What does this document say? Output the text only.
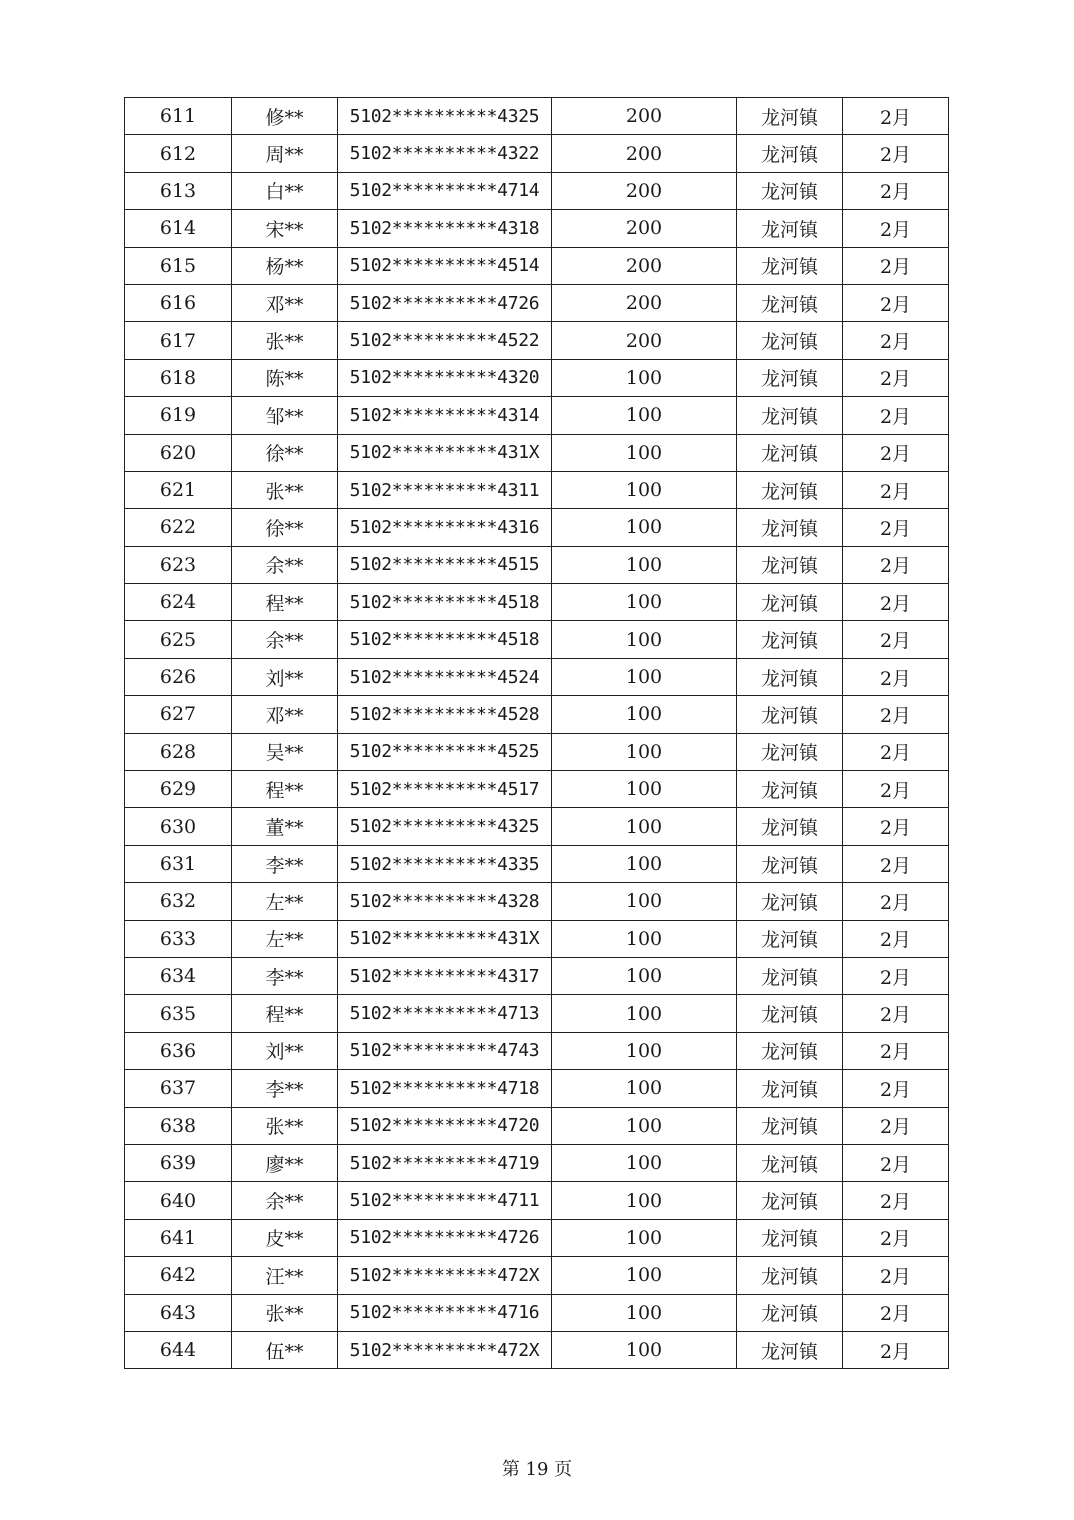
611	修**	5102**********4325	200	龙河镇	2月
612	周**	5102**********4322	200	龙河镇	2月
613	白**	5102**********4714	200	龙河镇	2月
614	宋**	5102**********4318	200	龙河镇	2月
615	杨**	5102**********4514	200	龙河镇	2月
616	邓**	5102**********4726	200	龙河镇	2月
617	张**	5102**********4522	200	龙河镇	2月
618	陈**	5102**********4320	100	龙河镇	2月
619	邹**	5102**********4314	100	龙河镇	2月
620	徐**	5102**********431X	100	龙河镇	2月
621	张**	5102**********4311	100	龙河镇	2月
622	徐**	5102**********4316	100	龙河镇	2月
623	余**	5102**********4515	100	龙河镇	2月
624	程**	5102**********4518	100	龙河镇	2月
625	余**	5102**********4518	100	龙河镇	2月
626	刘**	5102**********4524	100	龙河镇	2月
627	邓**	5102**********4528	100	龙河镇	2月
628	吴**	5102**********4525	100	龙河镇	2月
629	程**	5102**********4517	100	龙河镇	2月
630	董**	5102**********4325	100	龙河镇	2月
631	李**	5102**********4335	100	龙河镇	2月
632	左**	5102**********4328	100	龙河镇	2月
633	左**	5102**********431X	100	龙河镇	2月
634	李**	5102**********4317	100	龙河镇	2月
635	程**	5102**********4713	100	龙河镇	2月
636	刘**	5102**********4743	100	龙河镇	2月
637	李**	5102**********4718	100	龙河镇	2月
638	张**	5102**********4720	100	龙河镇	2月
639	廖**	5102**********4719	100	龙河镇	2月
640	余**	5102**********4711	100	龙河镇	2月
641	皮**	5102**********4726	100	龙河镇	2月
642	汪**	5102**********472X	100	龙河镇	2月
643	张**	5102**********4716	100	龙河镇	2月
644	伍**	5102**********472X	100	龙河镇	2月
第 19 页
